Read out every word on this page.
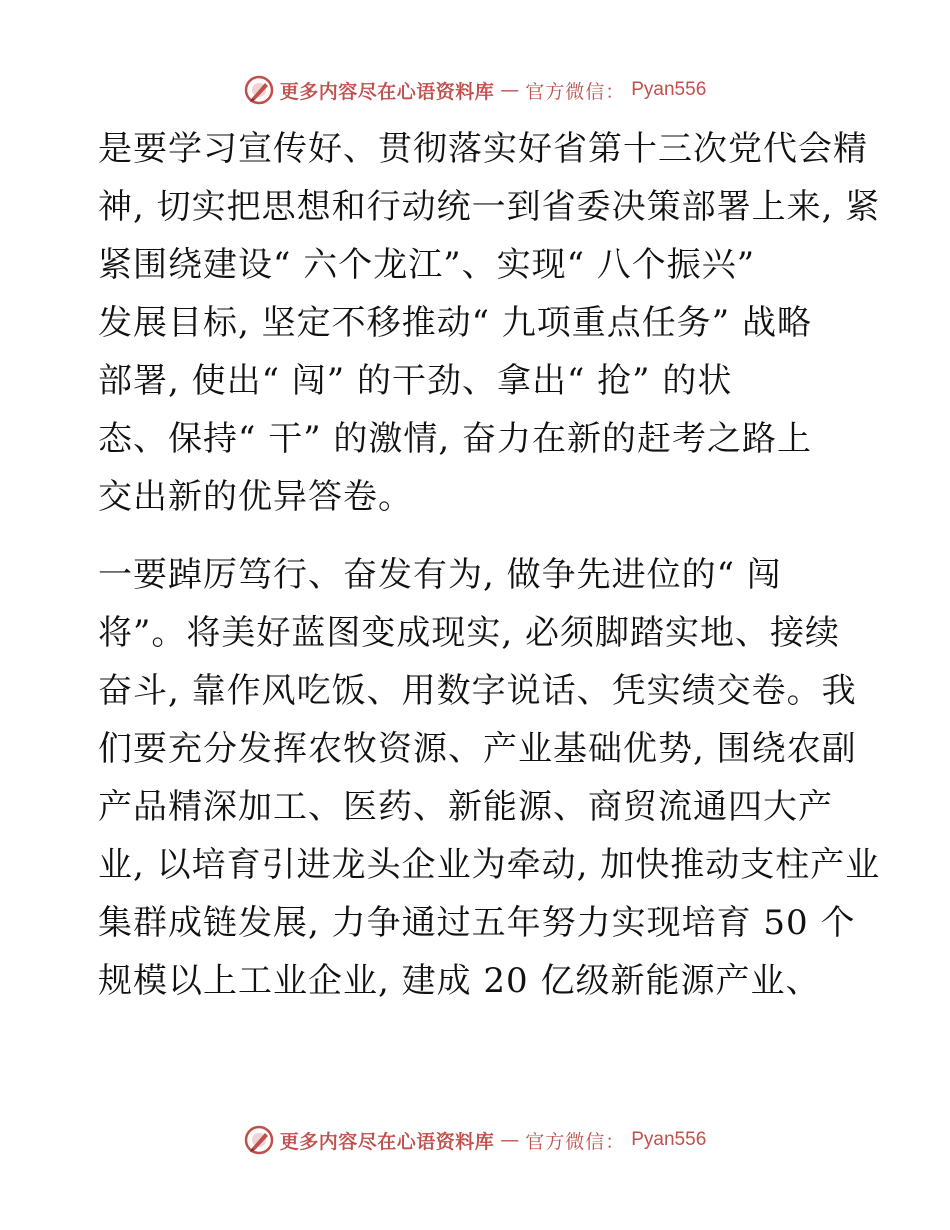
更多内容尽在心语资料库 — 官方微信： Pyan556
是要学习宣传好、贯彻落实好省第十三次党代会精
神, 切实把思想和行动统一到省委决策部署上来, 紧
紧围绕建设“ 六个龙江”、实现“ 八个振兴”
发展目标, 坚定不移推动“ 九项重点任务” 战略
部署, 使出“ 闯” 的干劲、拿出“ 抢” 的状
态、保持“ 干” 的激情, 奋力在新的赶考之路上
交出新的优异答卷。
一要踔厉笃行、奋发有为, 做争先进位的“ 闯
将”。将美好蓝图变成现实, 必须脚踏实地、接续
奋斗, 靠作风吃饭、用数字说话、凭实绩交卷。我
们要充分发挥农牧资源、产业基础优势, 围绕农副
产品精深加工、医药、新能源、商贸流通四大产
业, 以培育引进龙头企业为牵动, 加快推动支柱产业
集群成链发展, 力争通过五年努力实现培育 50 个
规模以上工业企业, 建成 20 亿级新能源产业、
更多内容尽在心语资料库 — 官方微信： Pyan556
